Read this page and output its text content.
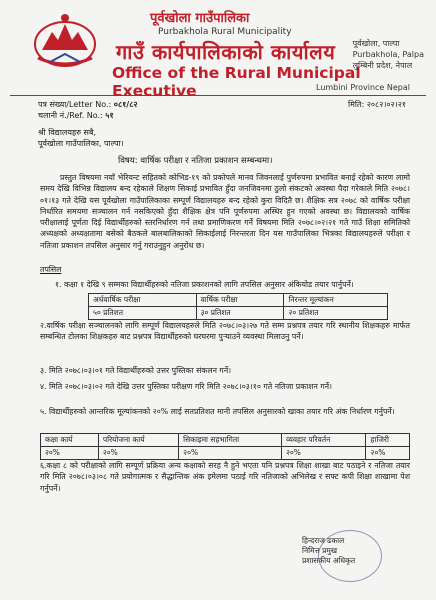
पूर्वखोला गाउँपालिका
Purbakhola Rural Municipality
गाउँ कार्यपालिकाको कार्यालय
Office of the Rural Municipal Executive
पूर्वखोला, पाल्पा
Purbakhola, Palpa
लुम्बिनी प्रदेश, नेपाल
Lumbini Province Nepal
पत्र संख्या/Letter No.: ०८१/८२
चलानी नं./Ref. No.: ५१
मिति: २०८२।०२।२१
श्री विद्यालयहरु सबै,
पूर्वखोला गाउँपालिका, पाल्पा।
विषय: वार्षिक परीक्षा र नतिजा प्रकाशन सम्बन्धमा।
प्रस्तुत विषयमा नयाँ भेरियन्ट सहितको कोभिड-१९ को प्रकोपले मानव जिवनलाई पुर्णरुपमा प्रभावित बनाई रहेको कारण लामो समय देखि विभिन्न विद्यालय बन्द रहेकाले शिक्षण सिकाई प्रभावित हुँदा जनजिवनमा ठुलो संकटको अवस्था पैदा गरेकाले मिति २०७८।०१।१३ गते देखि यस पूर्वखोला गाउँपालिकाका सम्पूर्ण विद्यालयहरु बन्द रहेको कुरा विदितै छ। शैक्षिक सत्र २०७८ को वार्षिक परीक्षा निर्धारित समयमा सञ्चालन गर्न नसकिएको हुँदा शैक्षिक क्षेत्र पनि पूर्णरुपमा अस्थिर हुन गएको अवस्था छ। विद्यालयको वार्षिक परीक्षालाई पूर्णता दिई विद्यार्थीहरुको स्तरनिर्धारण गर्न तथा प्रमाणिकरण गर्ने विषयमा मिति २०७८।०२।२१ गते गाउँ शिक्षा समितिको अध्यक्षको अध्यक्षतामा बसेको बैठकले बालबालिकाको सिकाईलाई निरन्तरता दिन यस गाउँपालिका भित्रका विद्यालयहरुले परीक्षा र नतिजा प्रकाशन तपसिल अनुसार गर्नु गराउनुहुन अनुरोध छ।
तपसिल
१. कक्षा १ देखि ९ सम्मका विद्यार्थीहरुको नतिजा प्रकाशनको लागि तपसिल अनुसार अंकियोड तयार पार्नुपर्ने।
अर्धवार्षिक परीक्षा	वार्षिक परीक्षा	निरन्तर मूल्यांकन
५० प्रतिशत	३० प्रतिशत	२० प्रतिशत
२.वार्षिक परीक्षा सञ्चालनको लागि सम्पूर्ण विद्यालयहरुले मिति २०७८।०३।२७ गते सम्म प्रश्नपत्र तयार गरि स्थानीय शिक्षकहरु मार्फत सम्बन्धित टोलका शिक्षकहरु बाट प्रश्नपत्र विद्यार्थीहरुको घरघरमा पुऱ्याउने व्यवस्था मिलाउनु पर्ने।
३. मिति २०७८।०३।०१ गते विद्यार्थीहरुको उत्तर पुस्तिका संकलन गर्ने।
४. मिति २०७८।०३।०२ गते देखि उत्तर पुस्तिका परीक्षण गरि मिति २०७८।०३।१० गते नतिजा प्रकाशन गर्ने।
५. विद्यार्थीहरुको आन्तरिक मूल्यांकनको २०% लाई सतप्रतिशत मानी तपसिल अनुसारको खाका तयार गरि अंक निर्धारण गर्नुपर्ने।
कक्षा कार्य	परियोजना कार्य	सिकाइमा सहभागिता	व्यवहार परिवर्तन	हाजिरी
२०%	२०%	२०%	२०%	२०%
६.कक्षा ८ को परीक्षाको लागि सम्पूर्ण प्रक्रिया अन्य कक्षाको सरह नै हुने भएता पनि प्रश्नपत्र शिक्षा शाखा बाट पठाइने र नतिजा तयार गरि मिति २०७८।०३।०८ गते प्रयोगात्मक र सैद्धान्तिक अंक इमेलमा पठाई गरि नतिजाको अभिलेख र सफ्ट कपी शिक्षा शाखामा पेश गर्नुपर्ने।
हिन्दराज ढकाल
निमित्त प्रमुख
प्रशासकीय अधिकृत
